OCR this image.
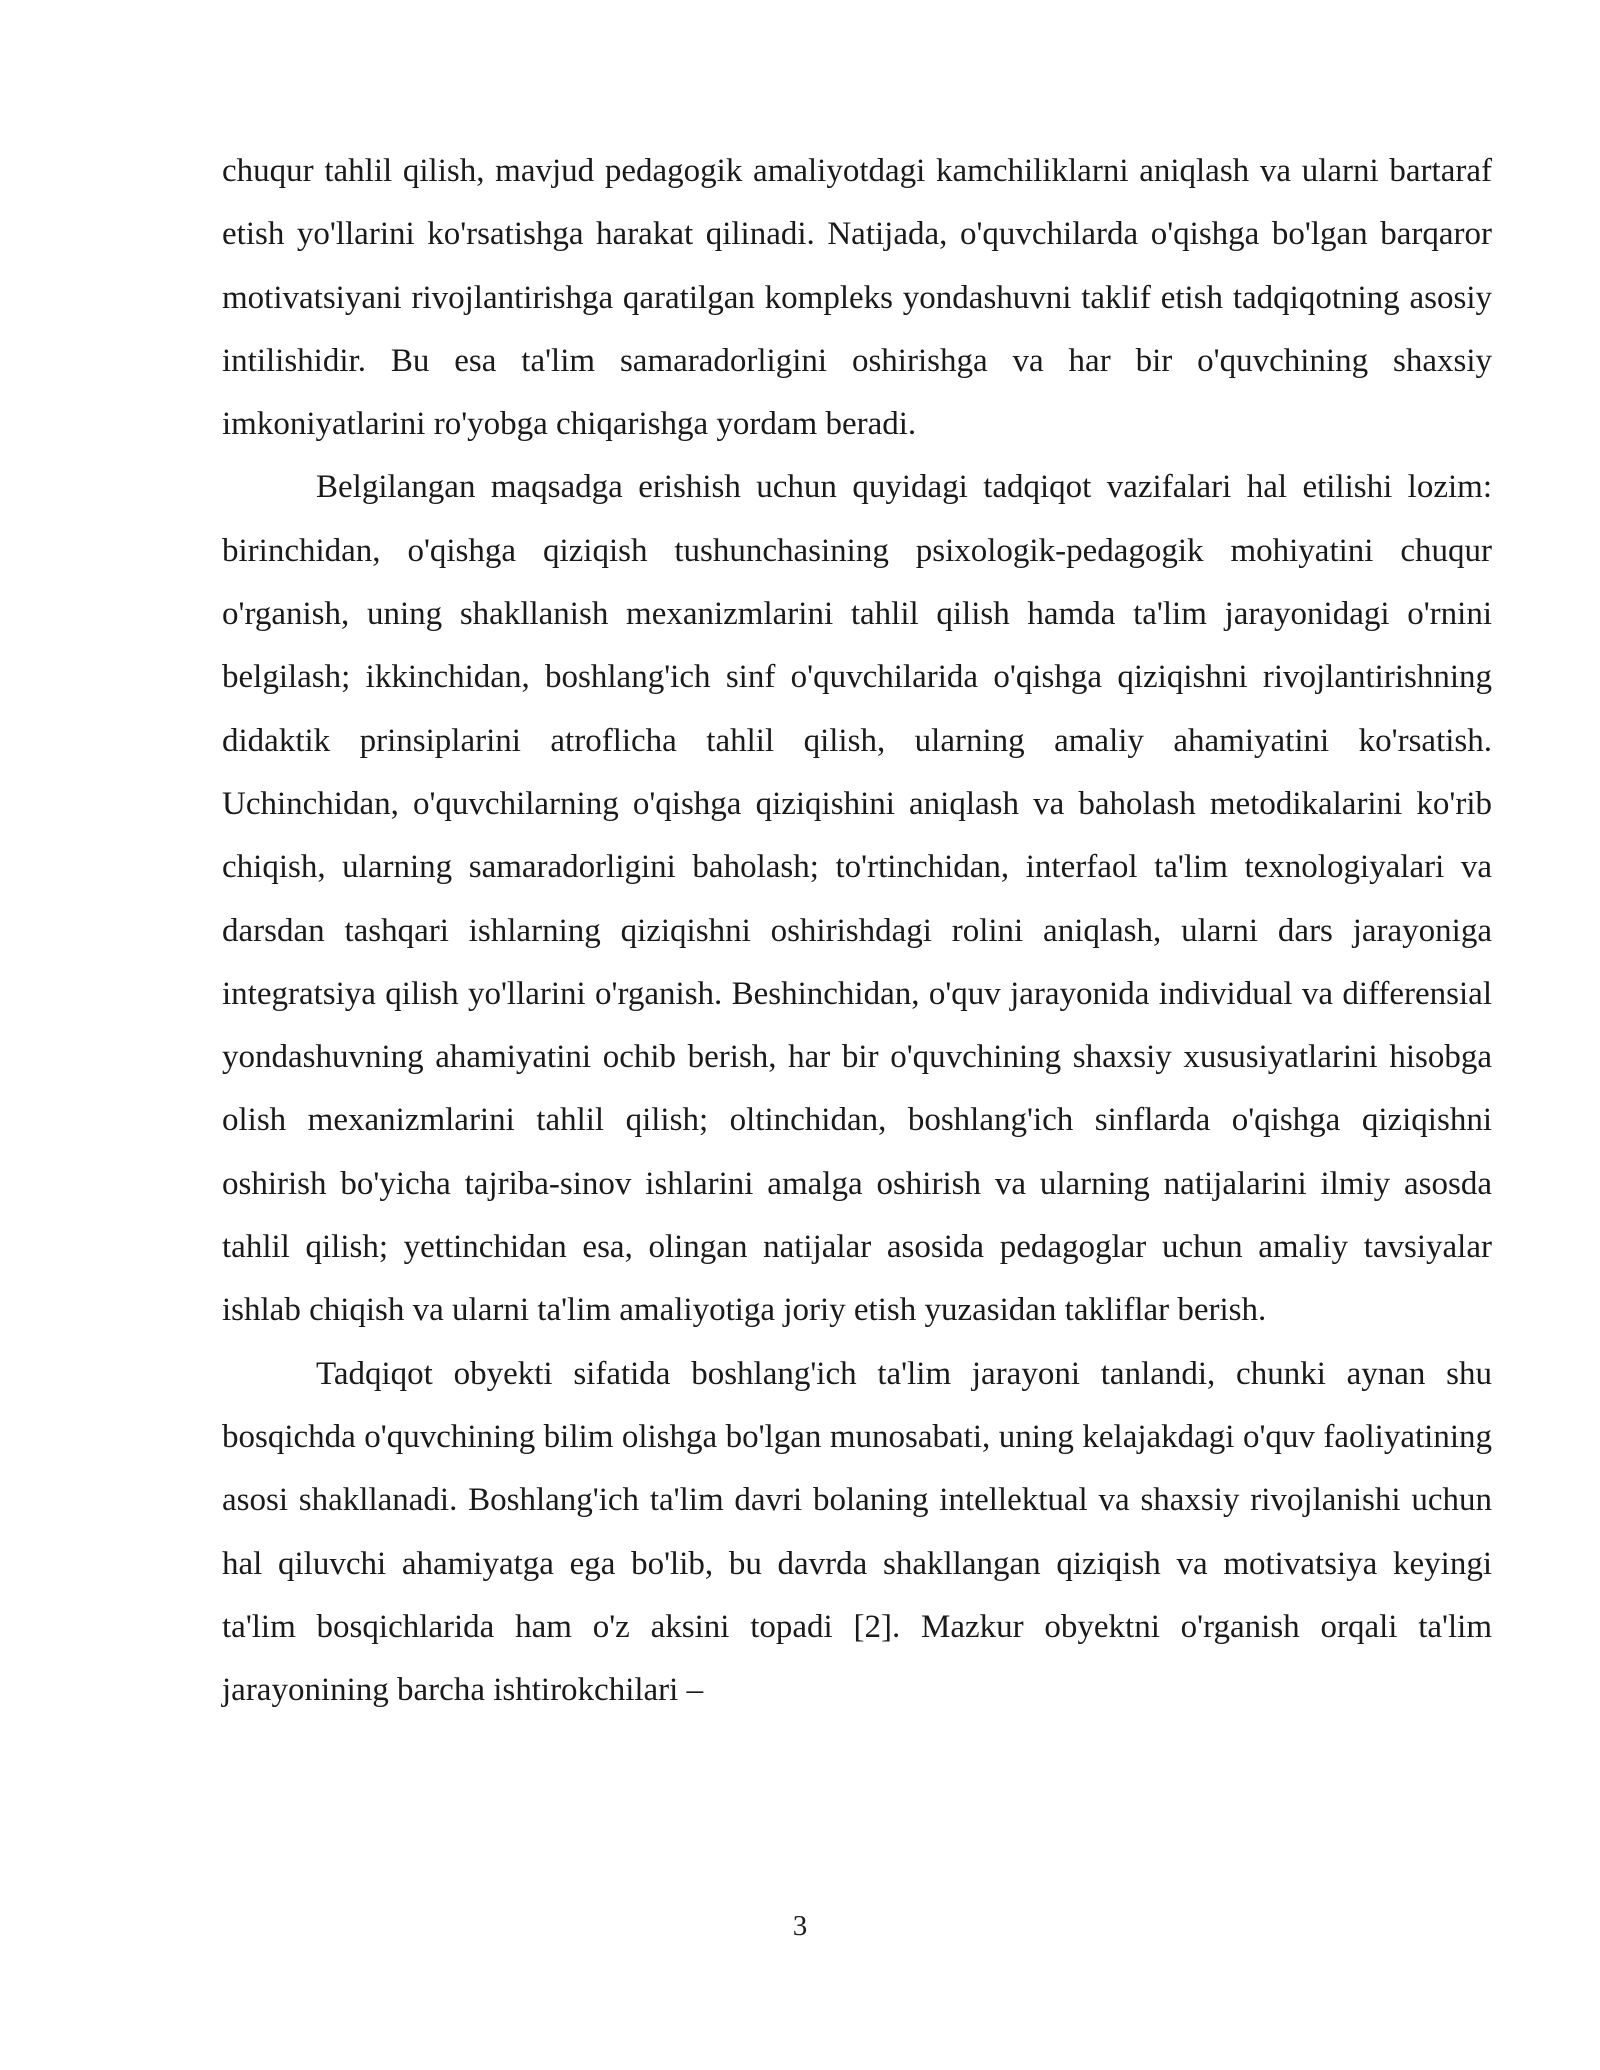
chuqur tahlil qilish, mavjud pedagogik amaliyotdagi kamchiliklarni aniqlash va ularni bartaraf etish yo'llarini ko'rsatishga harakat qilinadi. Natijada, o'quvchilarda o'qishga bo'lgan barqaror motivatsiyani rivojlantirishga qaratilgan kompleks yondashuvni taklif etish tadqiqotning asosiy intilishidir. Bu esa ta'lim samaradorligini oshirishga va har bir o'quvchining shaxsiy imkoniyatlarini ro'yobga chiqarishga yordam beradi.

Belgilangan maqsadga erishish uchun quyidagi tadqiqot vazifalari hal etilishi lozim: birinchidan, o'qishga qiziqish tushunchasining psixologik-pedagogik mohiyatini chuqur o'rganish, uning shakllanish mexanizmlarini tahlil qilish hamda ta'lim jarayonidagi o'rnini belgilash; ikkinchidan, boshlang'ich sinf o'quvchilarida o'qishga qiziqishni rivojlantirishning didaktik prinsiplarini atroflicha tahlil qilish, ularning amaliy ahamiyatini ko'rsatish. Uchinchidan, o'quvchilarning o'qishga qiziqishini aniqlash va baholash metodikalarini ko'rib chiqish, ularning samaradorligini baholash; to'rtinchidan, interfaol ta'lim texnologiyalari va darsdan tashqari ishlarning qiziqishni oshirishdagi rolini aniqlash, ularni dars jarayoniga integratsiya qilish yo'llarini o'rganish. Beshinchidan, o'quv jarayonida individual va differensial yondashuvning ahamiyatini ochib berish, har bir o'quvchining shaxsiy xususiyatlarini hisobga olish mexanizmlarini tahlil qilish; oltinchidan, boshlang'ich sinflarda o'qishga qiziqishni oshirish bo'yicha tajriba-sinov ishlarini amalga oshirish va ularning natijalarini ilmiy asosda tahlil qilish; yettinchidan esa, olingan natijalar asosida pedagoglar uchun amaliy tavsiyalar ishlab chiqish va ularni ta'lim amaliyotiga joriy etish yuzasidan takliflar berish.

Tadqiqot obyekti sifatida boshlang'ich ta'lim jarayoni tanlandi, chunki aynan shu bosqichda o'quvchining bilim olishga bo'lgan munosabati, uning kelajakdagi o'quv faoliyatining asosi shakllanadi. Boshlang'ich ta'lim davri bolaning intellektual va shaxsiy rivojlanishi uchun hal qiluvchi ahamiyatga ega bo'lib, bu davrda shakllangan qiziqish va motivatsiya keyingi ta'lim bosqichlarida ham o'z aksini topadi [2]. Mazkur obyektni o'rganish orqali ta'lim jarayonining barcha ishtirokchilari –

3
